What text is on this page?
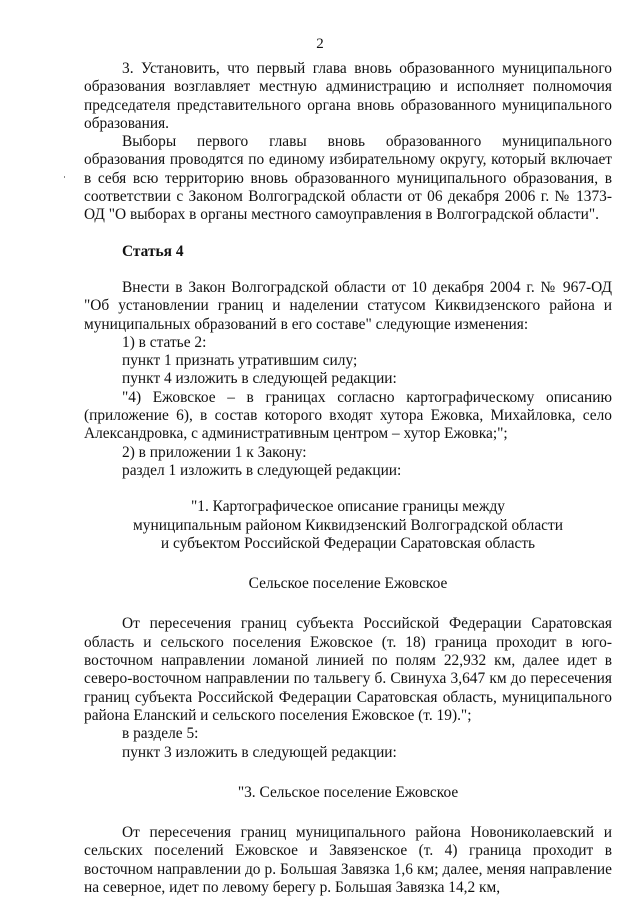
2

3. Установить, что первый глава вновь образованного муниципального образования возглавляет местную администрацию и исполняет полномочия председателя представительного органа вновь образованного муниципального образования.

Выборы первого главы вновь образованного муниципального образования проводятся по единому избирательному округу, который включает в себя всю территорию вновь образованного муниципального образования, в соответствии с Законом Волгоградской области от 06 декабря 2006 г. № 1373-ОД "О выборах в органы местного самоуправления в Волгоградской области".

Статья 4

Внести в Закон Волгоградской области от 10 декабря 2004 г. № 967-ОД "Об установлении границ и наделении статусом Киквидзенского района и муниципальных образований в его составе" следующие изменения:

1) в статье 2:

пункт 1 признать утратившим силу;

пункт 4 изложить в следующей редакции:

"4) Ежовское – в границах согласно картографическому описанию (приложение 6), в состав которого входят хутора Ежовка, Михайловка, село Александровка, с административным центром – хутор Ежовка;";

2) в приложении 1 к Закону:

раздел 1 изложить в следующей редакции:

"1. Картографическое описание границы между

муниципальным районом Киквидзенский Волгоградской области

и субъектом Российской Федерации Саратовская область

Сельское поселение Ежовское

От пересечения границ субъекта Российской Федерации Саратовская область и сельского поселения Ежовское (т. 18) граница проходит в юго-восточном направлении ломаной линией по полям 22,932 км, далее идет в северо-восточном направлении по тальвегу б. Свинуха 3,647 км до пересечения границ субъекта Российской Федерации Саратовская область, муниципального района Еланский и сельского поселения Ежовское (т. 19).";

в разделе 5:

пункт 3 изложить в следующей редакции:

"3. Сельское поселение Ежовское

От пересечения границ муниципального района Новониколаевский и сельских поселений Ежовское и Завязенское (т. 4) граница проходит в восточном направлении до р. Большая Завязка 1,6 км; далее, меняя направление на северное, идет по левому берегу р. Большая Завязка 14,2 км,
